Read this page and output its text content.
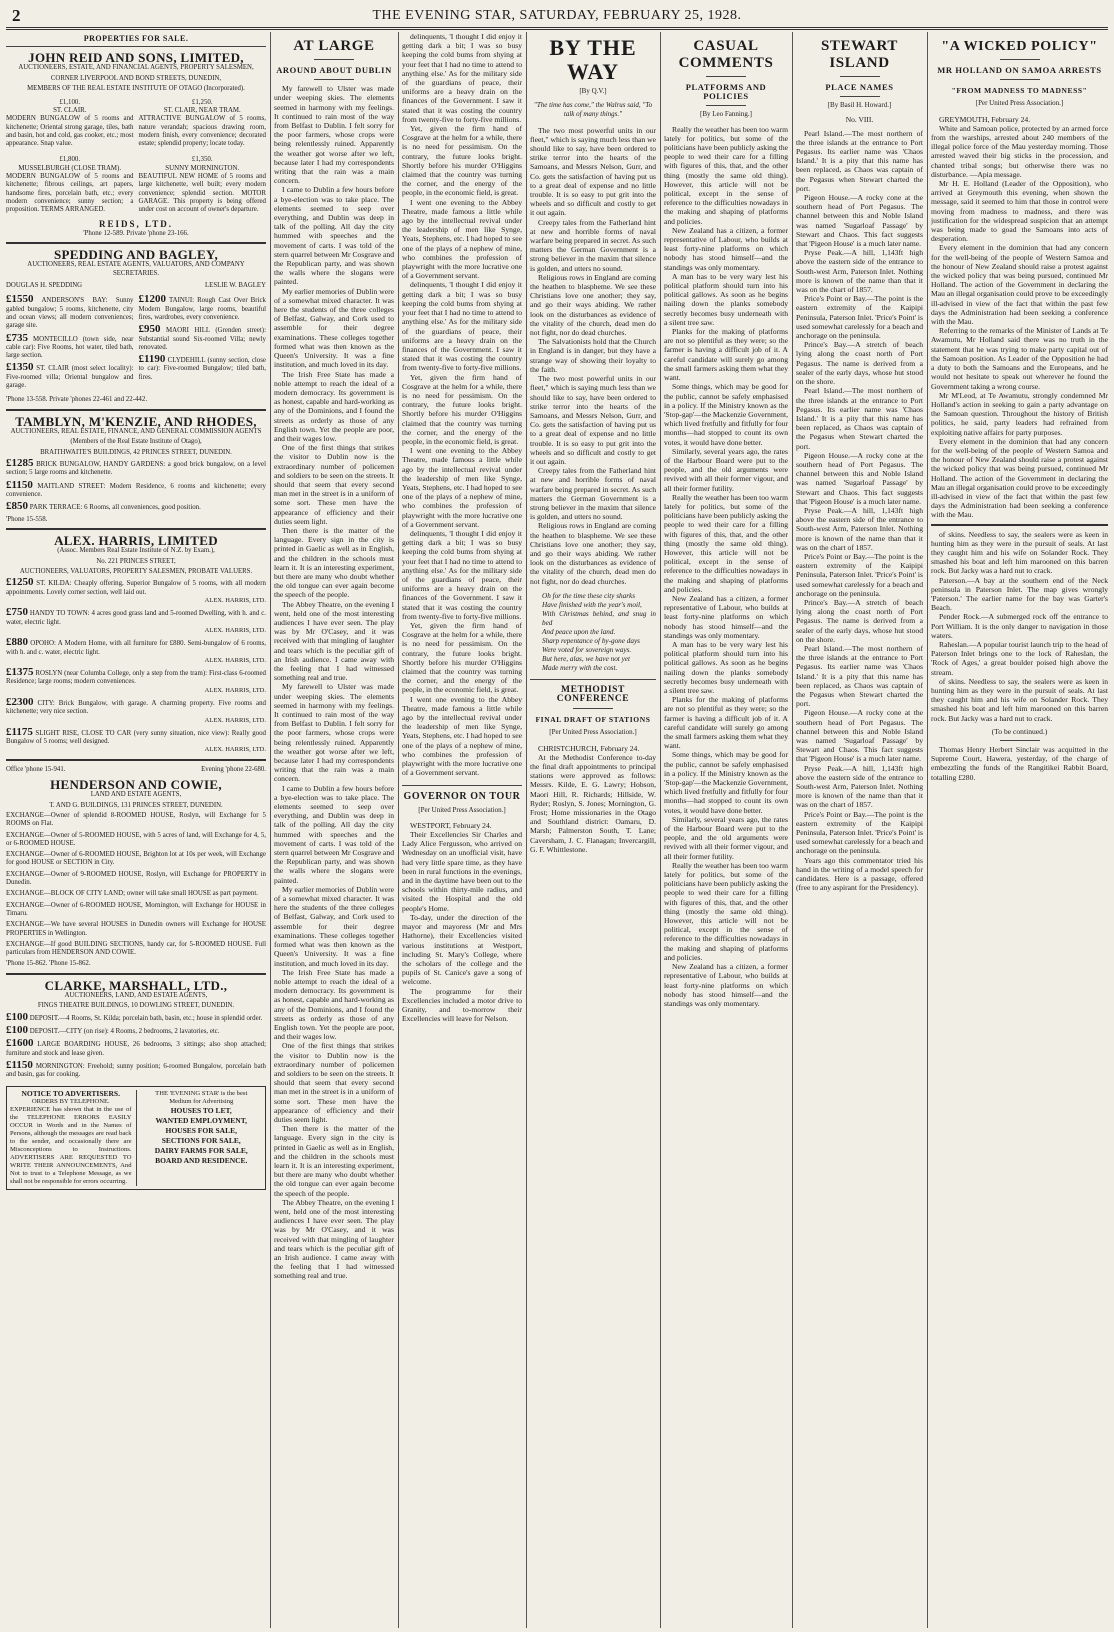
2	THE EVENING STAR, SATURDAY, FEBRUARY 25, 1928.
PROPERTIES FOR SALE.
JOHN REID AND SONS, LIMITED,
AUCTIONEERS, ESTATE, AND FINANCIAL AGENTS, PROPERTY SALESMEN,
CORNER LIVERPOOL AND BOND STREETS, DUNEDIN,
MEMBERS OF THE REAL ESTATE INSTITUTE OF OTAGO (Incorporated).
£1,100.
ST. CLAIR.
MODERN BUNGALOW of 5 rooms and kitchenette; Oriental strong garage, tiles, bath and basin, hot and cold, gas cooker, etc.; most appearance. Snap value.
£1,250.
ST. CLAIR, NEAR TRAM.
ATTRACTIVE BUNGALOW of 5 rooms, nature verandah; spacious drawing room, modern finish, every convenience; decorated estate; splendid property; locate today.
£1,800.
MUSSELBURGH (CLOSE TRAM).
MODERN BUNGALOW of 5 rooms and kitchenette; fibrous ceilings, art papers, handsome fires, porcelain bath, etc.; every modern convenience; sunny section; a proposition. TERMS ARRANGED.
£1,350.
SUNNY MORNINGTON.
BEAUTIFUL NEW HOME of 5 rooms and large kitchenette, well built; every modern convenience; splendid section. MOTOR GARAGE. This property is being offered under cost on account of owner's departure.
REIDS, LTD.
'Phone 12-589. Private 'phone 23-166.
SPEDDING AND BAGLEY,
AUCTIONEERS, REAL ESTATE AGENTS, VALUATORS, AND COMPANY SECRETARIES.
DOUGLAS H. SPEDDING	LESLIE W. BAGLEY
£1550 ANDERSON'S BAY: Sunny gabled bungalow; 5 rooms, kitchenette, city and ocean views; all modern conveniences; garage site.
£735 MONTECILLO (town side, near cable car): Five Rooms, hot water, tiled bath, large section.
£1350 ST. CLAIR (most select locality): Five-roomed villa; Oriental bungalow and garage.
£1200 TAINUI: Rough Cast Over Brick Modern Bungalow, large rooms, beautiful fires, wardrobes, every convenience.
£950 MAORI HILL (Grenden street): Substantial sound Six-roomed Villa; newly renovated.
£1190 CLYDEHILL (sunny section, close to car): Five-roomed Bungalow; tiled bath, fires.
'Phone 13-558. Private 'phones 22-461 and 22-442.
TAMBLYN, M'KENZIE, AND RHODES,
AUCTIONEERS, REAL ESTATE, FINANCE, AND GENERAL COMMISSION AGENTS
(Members of the Real Estate Institute of Otago),
BRAITHWAITE'S BUILDINGS, 42 PRINCES STREET, DUNEDIN.
£1285 BRICK BUNGALOW, HANDY GARDENS: a good brick bungalow, on a level section; 5 large rooms and kitchenette.
£1150 MAITLAND STREET: Modern Residence, 6 rooms and kitchenette; every convenience.
£850 PARK TERRACE: 6 Rooms, all conveniences, good position.
'Phone 15-558.
ALEX. HARRIS, LIMITED
(Assoc. Members Real Estate Institute of N.Z. by Exam.),
No. 221 PRINCES STREET,
AUCTIONEERS, VALUATORS, PROPERTY SALESMEN, PROBATE VALUERS.
£1250 ST. KILDA: Cheaply offering, Superior Bungalow of 5 rooms, with all modern appointments. Lovely corner section, well laid out.
ALEX. HARRIS, LTD.
£750 HANDY TO TOWN: 4 acres good grass land and 5-roomed Dwelling, with h. and c. water, electric light.
ALEX. HARRIS, LTD.
£880 OPOHO: A Modern Home, with all furniture for £880. Semi-bungalow of 6 rooms, with h. and c. water, electric light.
ALEX. HARRIS, LTD.
£1375 ROSLYN (near Columba College, only a step from the tram): First-class 6-roomed Residence; large rooms; modern conveniences.
ALEX. HARRIS, LTD.
£2300 CITY: Brick Bungalow, with garage. A charming property. Five rooms and kitchenette; very nice section.
ALEX. HARRIS, LTD.
£1175 SLIGHT RISE, CLOSE TO CAR (very sunny situation, nice view): Really good Bungalow of 5 rooms; well designed.
ALEX. HARRIS, LTD.
Office 'phone 15-941.	Evening 'phone 22-680.
HENDERSON AND COWIE,
LAND AND ESTATE AGENTS,
T. AND G. BUILDINGS, 131 PRINCES STREET, DUNEDIN.
EXCHANGE—Owner of splendid 8-ROOMED HOUSE, Roslyn, will Exchange for 5 ROOMS on Flat.
EXCHANGE—Owner of 5-ROOMED HOUSE, with 5 acres of land, will Exchange for 4, 5, or 6-ROOMED HOUSE.
EXCHANGE—Owner of 6-ROOMED HOUSE, Brighton lot at 10s per week, will Exchange for good HOUSE or SECTION in City.
EXCHANGE—Owner of 9-ROOMED HOUSE, Roslyn, will Exchange for PROPERTY in Dunedin.
EXCHANGE—BLOCK OF CITY LAND; owner will take small HOUSE as part payment.
EXCHANGE—Owner of 6-ROOMED HOUSE, Mornington, will Exchange for HOUSE in Timaru.
EXCHANGE—We have several HOUSES in Dunedin owners will Exchange for HOUSE PROPERTIES in Wellington.
EXCHANGE—If good BUILDING SECTIONS, handy car, for 5-ROOMED HOUSE. Full particulars from HENDERSON AND COWIE.
'Phone 15-862. 'Phone 15-862.
CLARKE, MARSHALL, LTD.,
AUCTIONEERS, LAND, AND ESTATE AGENTS,
FINGS THEATRE BUILDINGS, 10 DOWLING STREET, DUNEDIN.
£100 DEPOSIT.—4 Rooms, St. Kilda; porcelain bath, basin, etc.; house in splendid order.
£100 DEPOSIT.—CITY (on rise): 4 Rooms, 2 bedrooms, 2 lavatories, etc.
£1600 LARGE BOARDING HOUSE, 26 bedrooms, 3 sittings; also shop attached; furniture and stock and lease given.
£1150 MORNINGTON: Freehold; sunny position; 6-roomed Bungalow, porcelain bath and basin, gas for cooking.
NOTICE TO ADVERTISERS.
ORDERS BY TELEPHONE.
EXPERIENCE has shown that in the use of the TELEPHONE ERRORS EASILY OCCUR in Words and in the Names of Persons, although the messages are read back to the sender, and occasionally there are Misconceptions to Instructions. ADVERTISERS ARE REQUESTED TO WRITE THEIR ANNOUNCEMENTS, And Not to trust to a Telephone Message, as we shall not be responsible for errors occurring.
THE 'EVENING STAR' is the best
Medium for Advertising
HOUSES TO LET,
WANTED EMPLOYMENT,
HOUSES FOR SALE,
SECTIONS FOR SALE,
DAIRY FARMS FOR SALE,
BOARD AND RESIDENCE.
AT LARGE
AROUND ABOUT DUBLIN

My farewell to Ulster was made under weeping skies. The elements seemed in harmony with my feelings. It continued to rain most of the way from Belfast to Dublin. I felt sorry for the poor farmers, whose crops were being relentlessly ruined. Apparently the weather got worse after we left, because later I had my correspondents writing that the rain was a main concern.

I came to Dublin a few hours before a bye-election was to take place. The elements seemed to seep over everything, and Dublin was deep in talk of the polling. All day the city hummed with speeches and the movement of carts. I was told of the stern quarrel between Mr Cosgrave and the Republican party, and was shown the walls where the slogans were painted.

My earlier memories of Dublin were of a somewhat mixed character. It was here the students of the three colleges of Belfast, Galway, and Cork used to assemble for their degree examinations. These colleges together formed what was then known as the Queen's University. It was a fine institution, and much loved in its day.

The Irish Free State has made a noble attempt to reach the ideal of a modern democracy. Its government is as honest, capable and hard-working as any of the Dominions, and I found the streets as orderly as those of any English town. Yet the people are poor, and their wages low.

One of the first things that strikes the visitor to Dublin now is the extraordinary number of policemen and soldiers to be seen on the streets. It should that seem that every second man met in the street is in a uniform of some sort. These men have the appearance of efficiency and their duties seem light.

Then there is the matter of the language. Every sign in the city is printed in Gaelic as well as in English, and the children in the schools must learn it. It is an interesting experiment, but there are many who doubt whether the old tongue can ever again become the speech of the people.

The Abbey Theatre, on the evening I went, held one of the most interesting audiences I have ever seen. The play was by Mr O'Casey, and it was received with that mingling of laughter and tears which is the peculiar gift of an Irish audience. I came away with the feeling that I had witnessed something real and true.

My farewell to Ulster was made under weeping skies. The elements seemed in harmony with my feelings. It continued to rain most of the way from Belfast to Dublin. I felt sorry for the poor farmers, whose crops were being relentlessly ruined. Apparently the weather got worse after we left, because later I had my correspondents writing that the rain was a main concern.

I came to Dublin a few hours before a bye-election was to take place. The elements seemed to seep over everything, and Dublin was deep in talk of the polling. All day the city hummed with speeches and the movement of carts. I was told of the stern quarrel between Mr Cosgrave and the Republican party, and was shown the walls where the slogans were painted.

My earlier memories of Dublin were of a somewhat mixed character. It was here the students of the three colleges of Belfast, Galway, and Cork used to assemble for their degree examinations. These colleges together formed what was then known as the Queen's University. It was a fine institution, and much loved in its day.

The Irish Free State has made a noble attempt to reach the ideal of a modern democracy. Its government is as honest, capable and hard-working as any of the Dominions, and I found the streets as orderly as those of any English town. Yet the people are poor, and their wages low.

One of the first things that strikes the visitor to Dublin now is the extraordinary number of policemen and soldiers to be seen on the streets. It should that seem that every second man met in the street is in a uniform of some sort. These men have the appearance of efficiency and their duties seem light.

Then there is the matter of the language. Every sign in the city is printed in Gaelic as well as in English, and the children in the schools must learn it. It is an interesting experiment, but there are many who doubt whether the old tongue can ever again become the speech of the people.

The Abbey Theatre, on the evening I went, held one of the most interesting audiences I have ever seen. The play was by Mr O'Casey, and it was received with that mingling of laughter and tears which is the peculiar gift of an Irish audience. I came away with the feeling that I had witnessed something real and true.

delinquents, 'I thought I did enjoy it getting dark a bit; I was so busy keeping the cold bums from shying at your feet that I had no time to attend to anything else.' As for the military side of the guardians of peace, their uniforms are a heavy drain on the finances of the Government. I saw it stated that it was costing the country from twenty-five to forty-five millions.

Yet, given the firm hand of Cosgrave at the helm for a while, there is no need for pessimism. On the contrary, the future looks bright. Shortly before his murder O'Higgins claimed that the country was turning the corner, and the energy of the people, in the economic field, is great.

I went one evening to the Abbey Theatre, made famous a little while ago by the intellectual revival under the leadership of men like Synge, Yeats, Stephens, etc. I had hoped to see one of the plays of a nephew of mine, who combines the profession of playwright with the more lucrative one of a Government servant.

delinquents, 'I thought I did enjoy it getting dark a bit; I was so busy keeping the cold bums from shying at your feet that I had no time to attend to anything else.' As for the military side of the guardians of peace, their uniforms are a heavy drain on the finances of the Government. I saw it stated that it was costing the country from twenty-five to forty-five millions.

Yet, given the firm hand of Cosgrave at the helm for a while, there is no need for pessimism. On the contrary, the future looks bright. Shortly before his murder O'Higgins claimed that the country was turning the corner, and the energy of the people, in the economic field, is great.

I went one evening to the Abbey Theatre, made famous a little while ago by the intellectual revival under the leadership of men like Synge, Yeats, Stephens, etc. I had hoped to see one of the plays of a nephew of mine, who combines the profession of playwright with the more lucrative one of a Government servant.

delinquents, 'I thought I did enjoy it getting dark a bit; I was so busy keeping the cold bums from shying at your feet that I had no time to attend to anything else.' As for the military side of the guardians of peace, their uniforms are a heavy drain on the finances of the Government. I saw it stated that it was costing the country from twenty-five to forty-five millions.

Yet, given the firm hand of Cosgrave at the helm for a while, there is no need for pessimism. On the contrary, the future looks bright. Shortly before his murder O'Higgins claimed that the country was turning the corner, and the energy of the people, in the economic field, is great.

I went one evening to the Abbey Theatre, made famous a little while ago by the intellectual revival under the leadership of men like Synge, Yeats, Stephens, etc. I had hoped to see one of the plays of a nephew of mine, who combines the profession of playwright with the more lucrative one of a Government servant.

GOVERNOR ON TOUR
[Per United Press Association.]

WESTPORT, February 24.

Their Excellencies Sir Charles and Lady Alice Fergusson, who arrived on Wednesday on an unofficial visit, have had very little spare time, as they have been in rural functions in the evenings, and in the daytime have been out to the schools within thirty-mile radius, and visited the Hospital and the old people's Home.

To-day, under the direction of the mayor and mayoress (Mr and Mrs Hathorne), their Excellencies visited various institutions at Westport, including St. Mary's College, where the scholars of the college and the pupils of St. Canice's gave a song of welcome.

The programme for their Excellencies included a motor drive to Granity, and to-morrow their Excellencies will leave for Nelson.

BY THE WAY
[By Q.V.]
"The time has come," the Walrus said, "To talk of many things."

The two most powerful units in our fleet," which is saying much less than we should like to say, have been ordered to strike terror into the hearts of the Samoans, and Messrs Nelson, Gurr, and Co. gets the satisfaction of having put us to a great deal of expense and no little trouble. It is so easy to put grit into the wheels and so difficult and costly to get it out again.

Creepy tales from the Fatherland hint at new and horrible forms of naval warfare being prepared in secret. As such matters the German Government is a strong believer in the maxim that silence is golden, and utters no sound.

Religious rows in England are coming the heathen to blaspheme. We see these Christians love one another; they say, and go their ways abiding. We rather look on the disturbances as evidence of the vitality of the church, dead men do not fight, nor do dead churches.

The Salvationists hold that the Church in England is in danger, but they have a strange way of showing their loyalty to the faith.

The two most powerful units in our fleet," which is saying much less than we should like to say, have been ordered to strike terror into the hearts of the Samoans, and Messrs Nelson, Gurr, and Co. gets the satisfaction of having put us to a great deal of expense and no little trouble. It is so easy to put grit into the wheels and so difficult and costly to get it out again.

Creepy tales from the Fatherland hint at new and horrible forms of naval warfare being prepared in secret. As such matters the German Government is a strong believer in the maxim that silence is golden, and utters no sound.

Religious rows in England are coming the heathen to blaspheme. We see these Christians love one another; they say, and go their ways abiding. We rather look on the disturbances as evidence of the vitality of the church, dead men do not fight, nor do dead churches.

Oh for the time these city sharks
Have finished with the year's moil,
With Christmas behind, and snug in bed
And peace upon the land.
Sharp repentance of by-gone days
Were voted for sovereign ways.
But here, alas, we have not yet
Made merry with the cost.
METHODIST CONFERENCE
FINAL DRAFT OF STATIONS
[Per United Press Association.]

CHRISTCHURCH, February 24.

At the Methodist Conference to-day the final draft appointments to principal stations were approved as follows: Messrs. Kilde, E. G. Lawry; Hobson, Maori Hill, R. Richards; Hillside, W. Ryder; Roslyn, S. Jones; Mornington, G. Frost; Home missionaries in the Otago and Southland district: Oamaru, D. Marsh; Palmerston South, T. Lane; Caversham, J. C. Flanagan; Invercargill, G. F. Whittlestone.

CASUAL COMMENTS
PLATFORMS AND POLICIES
[By Leo Fanning.]

Really the weather has been too warm lately for politics, but some of the politicians have been publicly asking the people to wed their care for a filling with figures of this, that, and the other thing (mostly the same old thing). However, this article will not be political, except in the sense of reference to the difficulties nowadays in the making and shaping of platforms and policies.

New Zealand has a citizen, a former representative of Labour, who builds at least forty-nine platforms on which nobody has stood himself—and the standings was only momentary.

A man has to be very wary lest his political platform should turn into his political gallows. As soon as he begins nailing down the planks somebody secretly becomes busy underneath with a silent tree saw.

Planks for the making of platforms are not so plentiful as they were; so the farmer is having a difficult job of it. A careful candidate will surely go among the small farmers asking them what they want.

Some things, which may be good for the public, cannot be safely emphasised in a policy. If the Ministry known as the 'Stop-gap'—the Mackenzie Government, which lived fretfully and fitfully for four months—had stopped to count its own votes, it would have done better.

Similarly, several years ago, the rates of the Harbour Board were put to the people, and the old arguments were revived with all their former vigour, and all their former futility.

Really the weather has been too warm lately for politics, but some of the politicians have been publicly asking the people to wed their care for a filling with figures of this, that, and the other thing (mostly the same old thing). However, this article will not be political, except in the sense of reference to the difficulties nowadays in the making and shaping of platforms and policies.

New Zealand has a citizen, a former representative of Labour, who builds at least forty-nine platforms on which nobody has stood himself—and the standings was only momentary.

A man has to be very wary lest his political platform should turn into his political gallows. As soon as he begins nailing down the planks somebody secretly becomes busy underneath with a silent tree saw.

Planks for the making of platforms are not so plentiful as they were; so the farmer is having a difficult job of it. A careful candidate will surely go among the small farmers asking them what they want.

Some things, which may be good for the public, cannot be safely emphasised in a policy. If the Ministry known as the 'Stop-gap'—the Mackenzie Government, which lived fretfully and fitfully for four months—had stopped to count its own votes, it would have done better.

Similarly, several years ago, the rates of the Harbour Board were put to the people, and the old arguments were revived with all their former vigour, and all their former futility.

Really the weather has been too warm lately for politics, but some of the politicians have been publicly asking the people to wed their care for a filling with figures of this, that, and the other thing (mostly the same old thing). However, this article will not be political, except in the sense of reference to the difficulties nowadays in the making and shaping of platforms and policies.

New Zealand has a citizen, a former representative of Labour, who builds at least forty-nine platforms on which nobody has stood himself—and the standings was only momentary.

STEWART ISLAND
PLACE NAMES
[By Basil H. Howard.]
No. VIII.

Pearl Island.—The most northern of the three islands at the entrance to Port Pegasus. Its earlier name was 'Chaos Island.' It is a pity that this name has been replaced, as Chaos was captain of the Pegasus when Stewart charted the port.

Pigeon House.—A rocky cone at the southern head of Port Pegasus. The channel between this and Noble Island was named 'Sugarloaf Passage' by Stewart and Chaos. This fact suggests that 'Pigeon House' is a much later name.

Pryse Peak.—A hill, 1,143ft high above the eastern side of the entrance to South-west Arm, Paterson Inlet. Nothing more is known of the name than that it was on the chart of 1857.

Price's Point or Bay.—The point is the eastern extremity of the Kaipipi Peninsula, Paterson Inlet. 'Price's Point' is used somewhat carelessly for a beach and anchorage on the peninsula.

Prince's Bay.—A stretch of beach lying along the coast north of Port Pegasus. The name is derived from a sealer of the early days, whose hut stood on the shore.

Pearl Island.—The most northern of the three islands at the entrance to Port Pegasus. Its earlier name was 'Chaos Island.' It is a pity that this name has been replaced, as Chaos was captain of the Pegasus when Stewart charted the port.

Pigeon House.—A rocky cone at the southern head of Port Pegasus. The channel between this and Noble Island was named 'Sugarloaf Passage' by Stewart and Chaos. This fact suggests that 'Pigeon House' is a much later name.

Pryse Peak.—A hill, 1,143ft high above the eastern side of the entrance to South-west Arm, Paterson Inlet. Nothing more is known of the name than that it was on the chart of 1857.

Price's Point or Bay.—The point is the eastern extremity of the Kaipipi Peninsula, Paterson Inlet. 'Price's Point' is used somewhat carelessly for a beach and anchorage on the peninsula.

Prince's Bay.—A stretch of beach lying along the coast north of Port Pegasus. The name is derived from a sealer of the early days, whose hut stood on the shore.

Pearl Island.—The most northern of the three islands at the entrance to Port Pegasus. Its earlier name was 'Chaos Island.' It is a pity that this name has been replaced, as Chaos was captain of the Pegasus when Stewart charted the port.

Pigeon House.—A rocky cone at the southern head of Port Pegasus. The channel between this and Noble Island was named 'Sugarloaf Passage' by Stewart and Chaos. This fact suggests that 'Pigeon House' is a much later name.

Pryse Peak.—A hill, 1,143ft high above the eastern side of the entrance to South-west Arm, Paterson Inlet. Nothing more is known of the name than that it was on the chart of 1857.

Price's Point or Bay.—The point is the eastern extremity of the Kaipipi Peninsula, Paterson Inlet. 'Price's Point' is used somewhat carelessly for a beach and anchorage on the peninsula.

Years ago this commentator tried his hand in the writing of a model speech for candidates. Here is a passage, offered (free to any aspirant for the Presidency).

"A WICKED POLICY"
MR HOLLAND ON SAMOA ARRESTS
"FROM MADNESS TO MADNESS"
[Per United Press Association.]

GREYMOUTH, February 24.

White and Samoan police, protected by an armed force from the warships, arrested about 240 members of the illegal police force of the Mau yesterday morning. Those arrested waved their big sticks in the procession, and chanted tribal songs; but otherwise there was no disturbance. —Apia message.

Mr H. E. Holland (Leader of the Opposition), who arrived at Greymouth this evening, when shown the message, said it seemed to him that those in control were moving from madness to madness, and there was justification for the widespread suspicion that an attempt was being made to goad the Samoans into acts of desperation.

Every element in the dominion that had any concern for the well-being of the people of Western Samoa and the honour of New Zealand should raise a protest against the wicked policy that was being pursued, continued Mr Holland. The action of the Government in declaring the Mau an illegal organisation could prove to be exceedingly ill-advised in view of the fact that within the past few days the Administration had been seeking a conference with the Mau.

Referring to the remarks of the Minister of Lands at Te Awamutu, Mr Holland said there was no truth in the statement that he was trying to make party capital out of the Samoan position. As Leader of the Opposition he had a duty to both the Samoans and the Europeans, and he would not hesitate to speak out wherever he found the Government taking a wrong course.

Mr M'Leod, at Te Awamutu, strongly condemned Mr Holland's action in seeking to gain a party advantage on the Samoan question. Throughout the history of British politics, he said, party leaders had refrained from exploiting native affairs for party purposes.

Every element in the dominion that had any concern for the well-being of the people of Western Samoa and the honour of New Zealand should raise a protest against the wicked policy that was being pursued, continued Mr Holland. The action of the Government in declaring the Mau an illegal organisation could prove to be exceedingly ill-advised in view of the fact that within the past few days the Administration had been seeking a conference with the Mau.

of skins. Needless to say, the sealers were as keen in hunting him as they were in the pursuit of seals. At last they caught him and his wife on Solander Rock. They smashed his boat and left him marooned on this barren rock. But Jacky was a hard nut to crack.

Paterson.—A bay at the southern end of the Neck peninsula in Paterson Inlet. The map gives wrongly 'Paterson.' The earlier name for the bay was Garter's Beach.

Pender Rock.—A submerged rock off the entrance to Port William. It is the only danger to navigation in those waters.

Raheslan.—A popular tourist launch trip to the head of Paterson Inlet brings one to the lock of Raheslan, the 'Rock of Ages,' a great boulder poised high above the stream.

of skins. Needless to say, the sealers were as keen in hunting him as they were in the pursuit of seals. At last they caught him and his wife on Solander Rock. They smashed his boat and left him marooned on this barren rock. But Jacky was a hard nut to crack.

(To be continued.)

Thomas Henry Herbert Sinclair was acquitted in the Supreme Court, Hawera, yesterday, of the charge of embezzling the funds of the Rangitikei Rabbit Board, totalling £280.
